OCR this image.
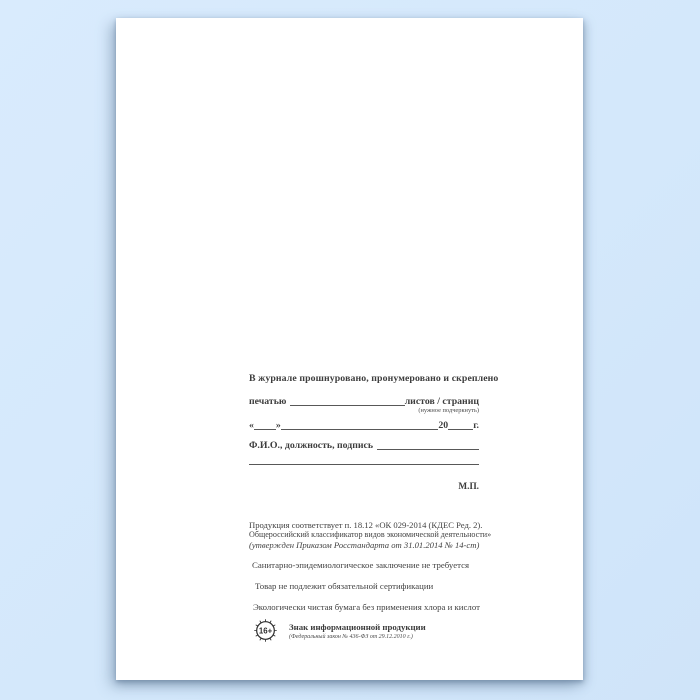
В журнале прошнуровано, пронумеровано и скреплено
печатью	листов / страниц
(нужное подчеркнуть)
« »	20	г.
Ф.И.О., должность, подпись
М.П.
Продукция соответствует п. 18.12 «ОК 029-2014 (КДЕС Ред. 2).
Общероссийский классификатор видов экономической деятельности»
(утвержден Приказом Росстандарта от 31.01.2014 № 14-ст)
Санитарно-эпидемиологическое заключение не требуется
Товар не подлежит обязательной сертификации
Экологически чистая бумага без применения хлора и кислот
16+ Знак информационной продукции
(Федеральный закон № 436-ФЗ от 29.12.2010 г.)
